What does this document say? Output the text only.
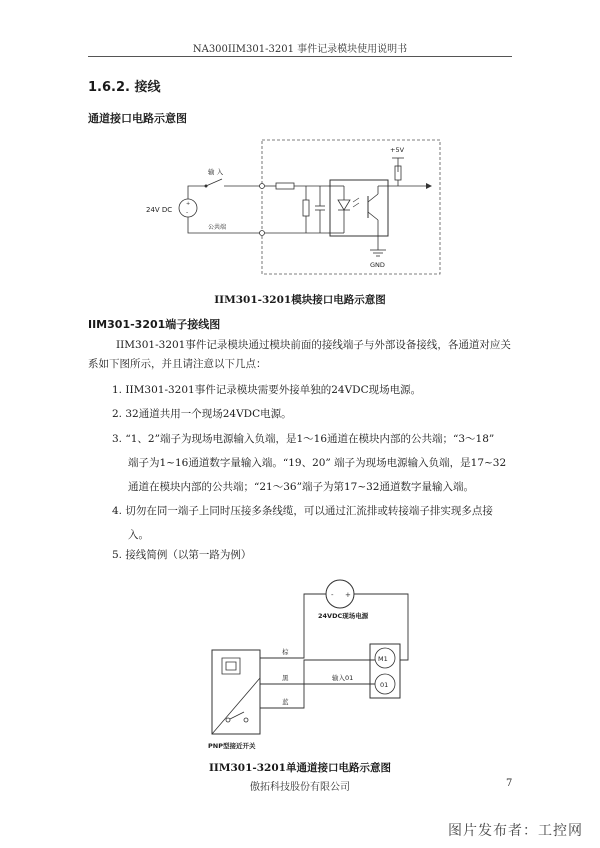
NA300IIM301-3201 事件记录模块使用说明书
1.6.2. 接线
通道接口电路示意图
+
-
24V DC
输 入
公共端
+5V
GND
IIM301-3201模块接口电路示意图
IIM301-3201端子接线图
IIM301-3201事件记录模块通过模块前面的接线端子与外部设备接线，各通道对应关
系如下图所示，并且请注意以下几点：
1. IIM301-3201事件记录模块需要外接单独的24VDC现场电源。
2. 32通道共用一个现场24VDC电源。
3. “1、2”端子为现场电源输入负端，是1～16通道在模块内部的公共端；“3～18”
端子为1~16通道数字量输入端。“19、20” 端子为现场电源输入负端，是17~32
通道在模块内部的公共端；“21～36”端子为第17~32通道数字量输入端。
4. 切勿在同一端子上同时压接多条线缆，可以通过汇流排或转接端子排实现多点接
入。
5. 接线简例（以第一路为例）
- +
24VDC现场电源
M1
01
棕
黑
蓝
输入01
PNP型接近开关
IIM301-3201单通道接口电路示意图
傲拓科技股份有限公司	7
图片发布者：工控网
